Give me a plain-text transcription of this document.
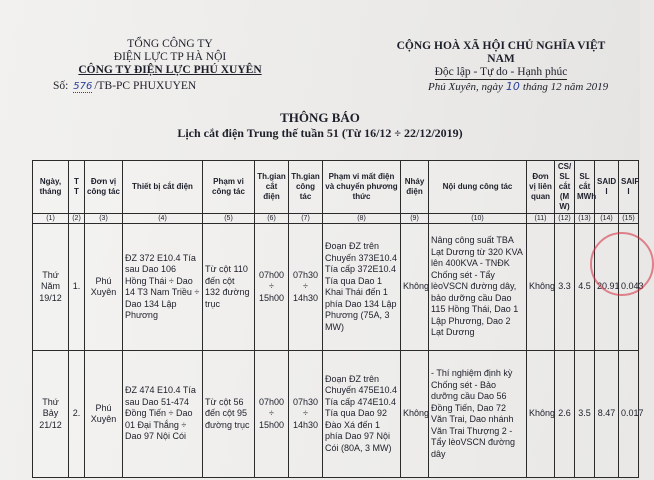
TỔNG CÔNG TY
ĐIỆN LỰC TP HÀ NỘI
CÔNG TY ĐIỆN LỰC PHÚ XUYÊN
Số: 576 /TB-PC PHUXUYEN
CỘNG HOÀ XÃ HỘI CHỦ NGHĨA VIỆT NAM
Độc lập - Tự do - Hạnh phúc
Phú Xuyên, ngày 10 tháng 12 năm 2019
THÔNG BÁO
Lịch cắt điện Trung thế tuần 51 (Từ 16/12 ÷ 22/12/2019)
Ngày, tháng	T T	Đơn vị công tác	Thiết bị cắt điện	Phạm vi công tác	Th.gian cắt điện	Th.gian công tác	Phạm vi mất điện và chuyển phương thức	Nháy điện	Nội dung công tác	Đơn vị liên quan	CS/ SL cắt (M W)	SL cắt MWh	SAID I	SAIF I
(1)	(2)	(3)	(4)	(5)	(6)	(7)	(8)	(9)	(10)	(11)	(12)	(13)	(14)	(15)
Thứ Năm 19/12	1.	Phú Xuyên	ĐZ 372 E10.4 Tía sau Dao 106 Hồng Thái ÷ Dao 14 T3 Nam Triều ÷ Dao 134 Lập Phương	Từ cột 110 đến cột 132 đường trục	07h00 ÷ 15h00	07h30 ÷ 14h30	Đoạn ĐZ trên Chuyến 373E10.4 Tía cấp 372E10.4 Tía qua Dao 1 Khai Thái đến 1 phía Dao 134 Lập Phương (75A, 3 MW)	Không	Nâng công suất TBA Lạt Dương từ 320 KVA lên 400KVA - TNĐK Chống sét - Tẩy lèoVSCN đường dây, bảo dưỡng cầu Dao 115 Hồng Thái, Dao 1 Lập Phương, Dao 2 Lạt Dương	Không	3.3	4.5	20.91	0.043
Thứ Bảy 21/12	2.	Phú Xuyên	ĐZ 474 E10.4 Tía sau Dao 51-474 Đồng Tiến ÷ Dao 01 Đại Thắng ÷ Dao 97 Nội Cói	Từ cột 56 đến cột 95 đường trục	07h00 ÷ 15h00	07h30 ÷ 14h30	Đoạn ĐZ trên Chuyến 475E10.4 Tía cấp 474E10.4 Tía qua Dao 92 Đào Xá đến 1 phía Dao 97 Nội Cói (80A, 3 MW)	Không	- Thí nghiệm định kỳ Chống sét - Bảo dưỡng cầu Dao 56 Đồng Tiến, Dao 72 Văn Trai, Dao nhánh Văn Trai Thượng 2 - Tẩy lèoVSCN đường dây	Không	2.6	3.5	8.47	0.017
